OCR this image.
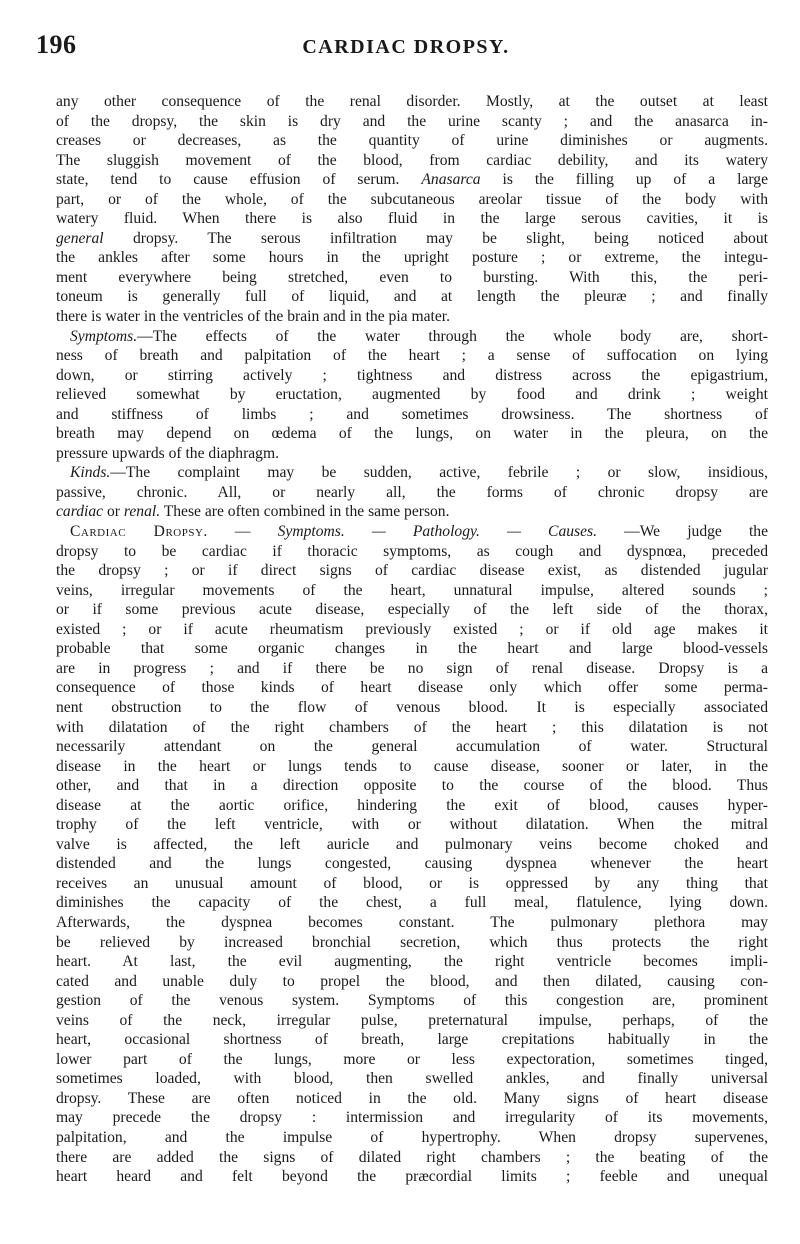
196	CARDIAC DROPSY.
any other consequence of the renal disorder. Mostly, at the outset at least
of the dropsy, the skin is dry and the urine scanty ; and the anasarca in-
creases or decreases, as the quantity of urine diminishes or augments.
The sluggish movement of the blood, from cardiac debility, and its watery
state, tend to cause effusion of serum. Anasarca is the filling up of a large
part, or of the whole, of the subcutaneous areolar tissue of the body with
watery fluid. When there is also fluid in the large serous cavities, it is
general dropsy. The serous infiltration may be slight, being noticed about
the ankles after some hours in the upright posture ; or extreme, the integu-
ment everywhere being stretched, even to bursting. With this, the peri-
toneum is generally full of liquid, and at length the pleuræ ; and finally
there is water in the ventricles of the brain and in the pia mater.
Symptoms.—The effects of the water through the whole body are, short-
ness of breath and palpitation of the heart ; a sense of suffocation on lying
down, or stirring actively ; tightness and distress across the epigastrium,
relieved somewhat by eructation, augmented by food and drink ; weight
and stiffness of limbs ; and sometimes drowsiness. The shortness of
breath may depend on œdema of the lungs, on water in the pleura, on the
pressure upwards of the diaphragm.
Kinds.—The complaint may be sudden, active, febrile ; or slow, insidious,
passive, chronic. All, or nearly all, the forms of chronic dropsy are
cardiac or renal. These are often combined in the same person.
Cardiac Dropsy. — Symptoms. — Pathology. — Causes. —We judge the
dropsy to be cardiac if thoracic symptoms, as cough and dyspnœa, preceded
the dropsy ; or if direct signs of cardiac disease exist, as distended jugular
veins, irregular movements of the heart, unnatural impulse, altered sounds ;
or if some previous acute disease, especially of the left side of the thorax,
existed ; or if acute rheumatism previously existed ; or if old age makes it
probable that some organic changes in the heart and large blood-vessels
are in progress ; and if there be no sign of renal disease. Dropsy is a
consequence of those kinds of heart disease only which offer some perma-
nent obstruction to the flow of venous blood. It is especially associated
with dilatation of the right chambers of the heart ; this dilatation is not
necessarily attendant on the general accumulation of water. Structural
disease in the heart or lungs tends to cause disease, sooner or later, in the
other, and that in a direction opposite to the course of the blood. Thus
disease at the aortic orifice, hindering the exit of blood, causes hyper-
trophy of the left ventricle, with or without dilatation. When the mitral
valve is affected, the left auricle and pulmonary veins become choked and
distended and the lungs congested, causing dyspnea whenever the heart
receives an unusual amount of blood, or is oppressed by any thing that
diminishes the capacity of the chest, a full meal, flatulence, lying down.
Afterwards, the dyspnea becomes constant. The pulmonary plethora may
be relieved by increased bronchial secretion, which thus protects the right
heart. At last, the evil augmenting, the right ventricle becomes impli-
cated and unable duly to propel the blood, and then dilated, causing con-
gestion of the venous system. Symptoms of this congestion are, prominent
veins of the neck, irregular pulse, preternatural impulse, perhaps, of the
heart, occasional shortness of breath, large crepitations habitually in the
lower part of the lungs, more or less expectoration, sometimes tinged,
sometimes loaded, with blood, then swelled ankles, and finally universal
dropsy. These are often noticed in the old. Many signs of heart disease
may precede the dropsy : intermission and irregularity of its movements,
palpitation, and the impulse of hypertrophy. When dropsy supervenes,
there are added the signs of dilated right chambers ; the beating of the
heart heard and felt beyond the præcordial limits ; feeble and unequal
